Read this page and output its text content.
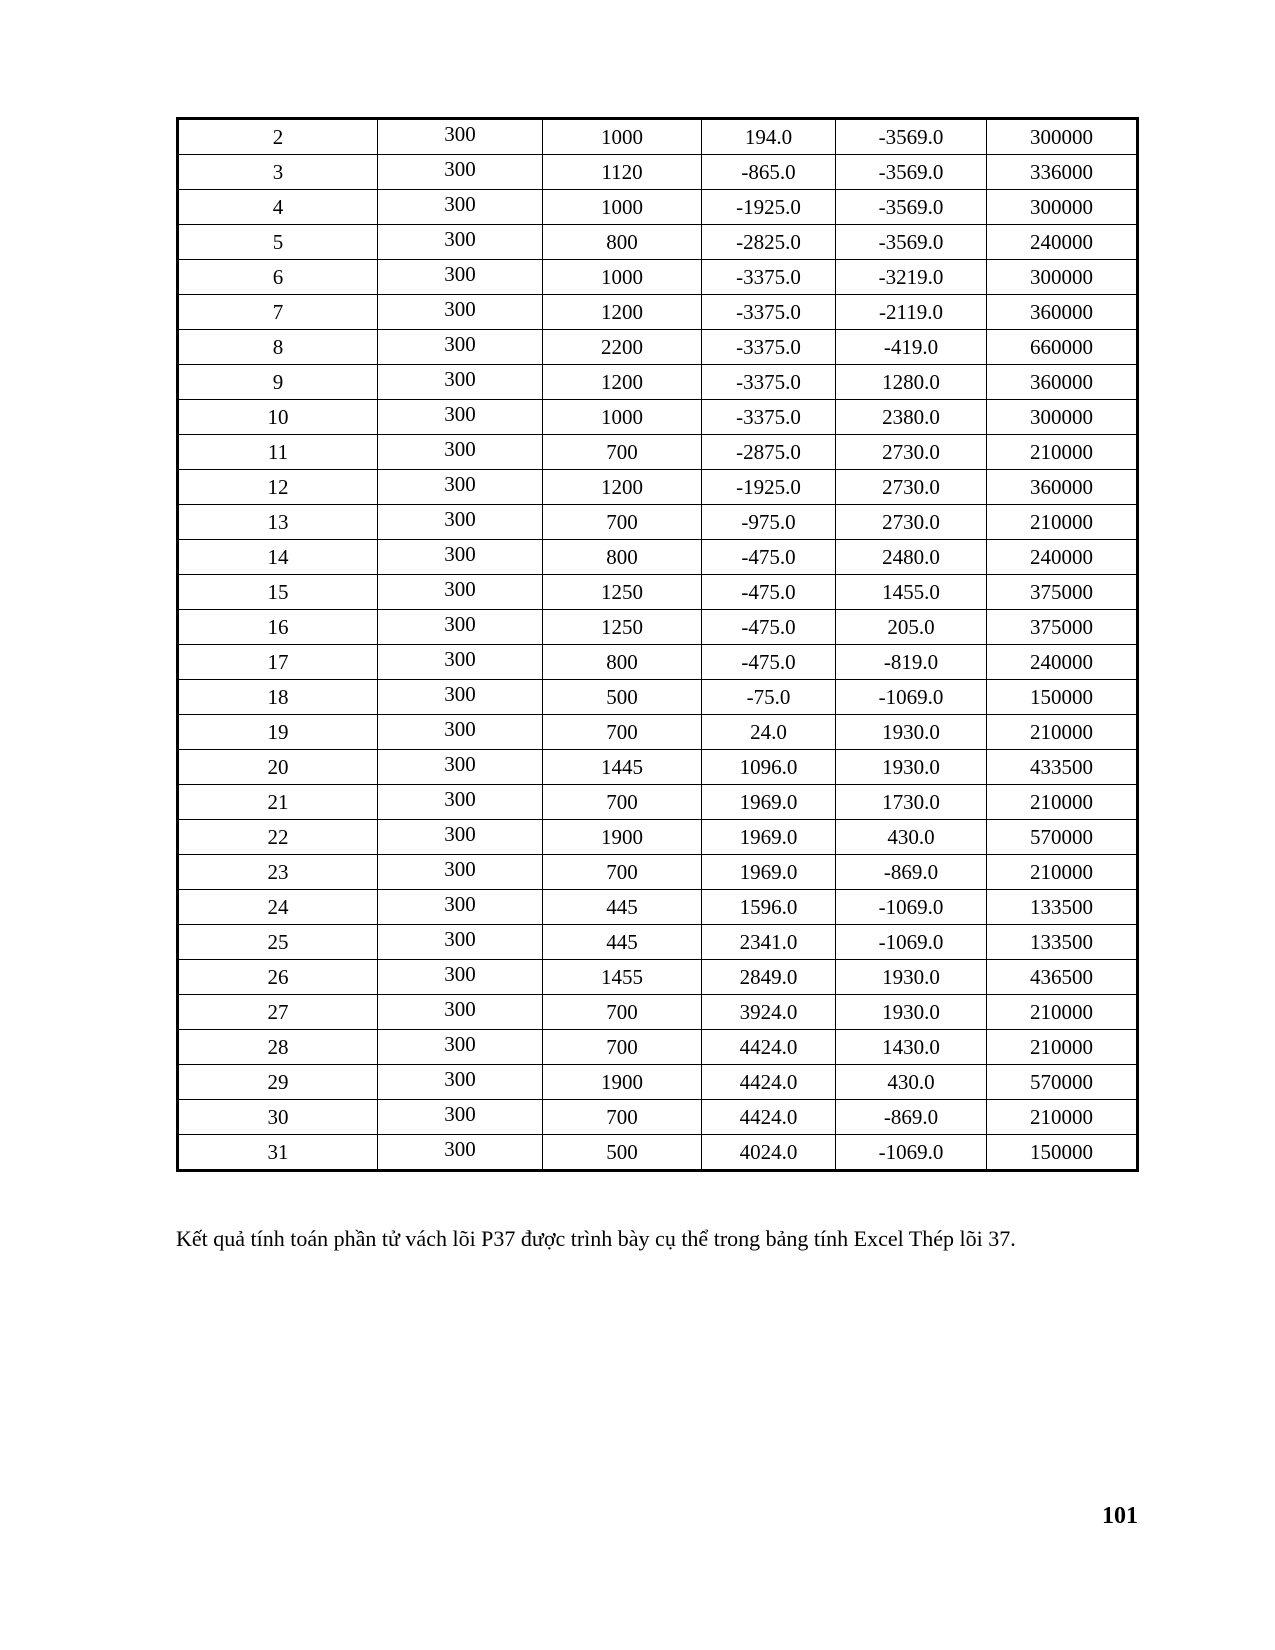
2	300	1000	194.0	-3569.0	300000
3	300	1120	-865.0	-3569.0	336000
4	300	1000	-1925.0	-3569.0	300000
5	300	800	-2825.0	-3569.0	240000
6	300	1000	-3375.0	-3219.0	300000
7	300	1200	-3375.0	-2119.0	360000
8	300	2200	-3375.0	-419.0	660000
9	300	1200	-3375.0	1280.0	360000
10	300	1000	-3375.0	2380.0	300000
11	300	700	-2875.0	2730.0	210000
12	300	1200	-1925.0	2730.0	360000
13	300	700	-975.0	2730.0	210000
14	300	800	-475.0	2480.0	240000
15	300	1250	-475.0	1455.0	375000
16	300	1250	-475.0	205.0	375000
17	300	800	-475.0	-819.0	240000
18	300	500	-75.0	-1069.0	150000
19	300	700	24.0	1930.0	210000
20	300	1445	1096.0	1930.0	433500
21	300	700	1969.0	1730.0	210000
22	300	1900	1969.0	430.0	570000
23	300	700	1969.0	-869.0	210000
24	300	445	1596.0	-1069.0	133500
25	300	445	2341.0	-1069.0	133500
26	300	1455	2849.0	1930.0	436500
27	300	700	3924.0	1930.0	210000
28	300	700	4424.0	1430.0	210000
29	300	1900	4424.0	430.0	570000
30	300	700	4424.0	-869.0	210000
31	300	500	4024.0	-1069.0	150000
Kết quả tính toán phần tử vách lõi P37 được trình bày cụ thể trong bảng tính Excel Thép lõi 37.
101
